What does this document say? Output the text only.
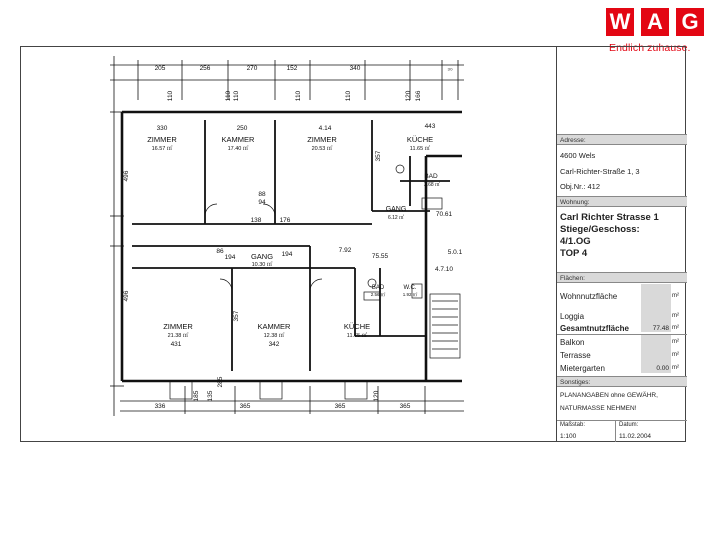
W A G
Endlich zuhause.
ZIMMER
16.57 ㎡
KAMMER
17.40 ㎡
ZIMMER
20.53 ㎡
KÜCHE
11.65 ㎡
BAD
2.68 ㎡
GANG
6.12 ㎡
GANG
10.30 ㎡
BAD
2.56 ㎡
W.C.
1.92 ㎡
ZIMMER
21.38 ㎡
KAMMER
12.38 ㎡
KÜCHE
11.65 ㎡
205	256	270	152	340	₃₀
336	365	365	365
330	250	4.14	443
496
496
431	342
357
357
70.61
75.55
7.92
4.7.10
5.0.1
88
94
194
194
86
138	176
110	110	110	110
110	120 166
120
185 135
285
Adresse:
4600 Wels
Carl-Richter-Straße 1, 3
Obj.Nr.: 412
Wohnung:
Carl Richter Strasse 1
Stiege/Geschoss:
4/1.OG
TOP 4
Flächen:
Wohnnutzfläche	m²
Loggia	m²
Gesamtnutzfläche	77.48 m²
Balkon	m²
Terrasse	m²
Mietergarten	0.00 m²
Sonstiges:
PLANANGABEN ohne GEWÄHR,
NATURMASSE NEHMEN!
Maßstab:
1:100
Datum:
11.02.2004
